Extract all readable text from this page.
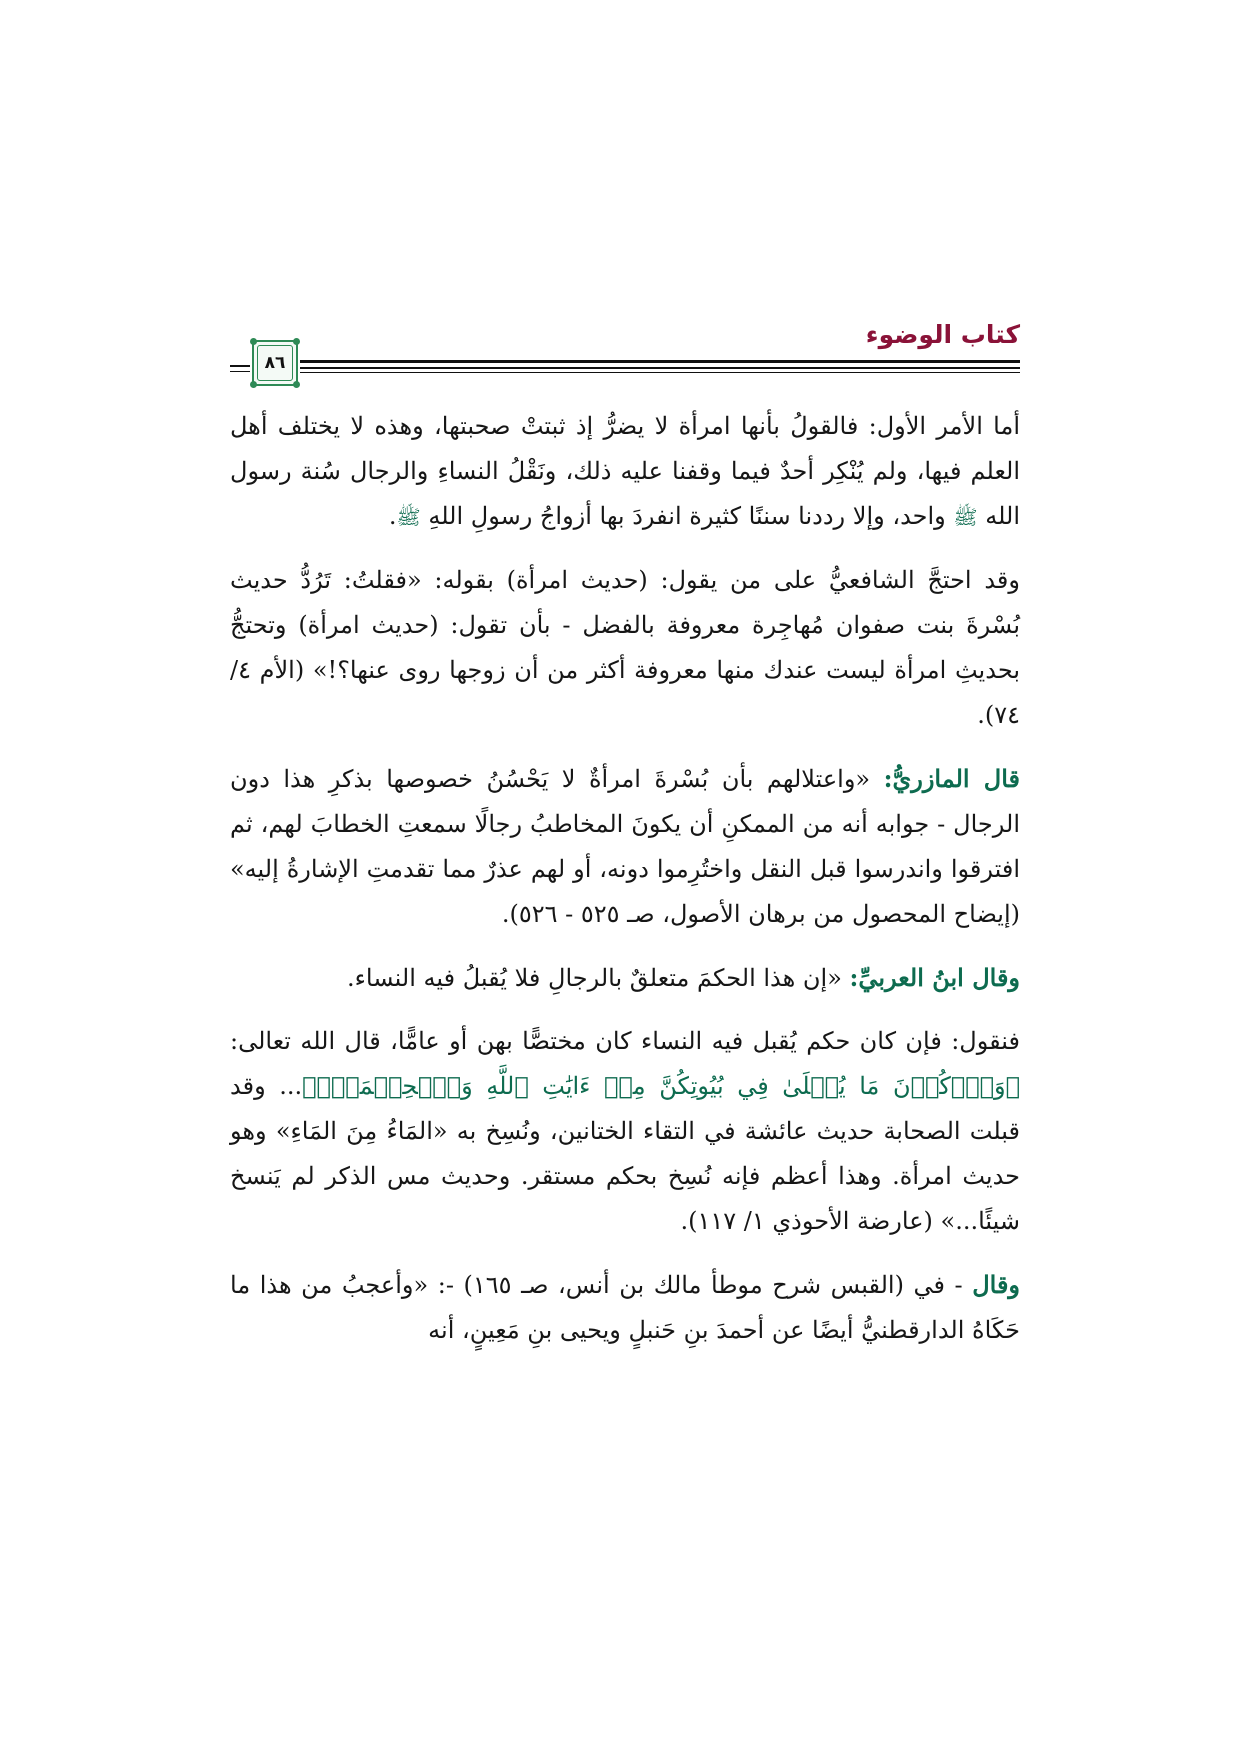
كتاب الوضوء
٨٦

أما الأمر الأول: فالقولُ بأنها امرأة لا يضرُّ إذ ثبتتْ صحبتها، وهذه لا يختلف أهل العلم فيها، ولم يُنْكِر أحدٌ فيما وقفنا عليه ذلك، ونَقْلُ النساءِ والرجال سُنة رسول الله ﷺ واحد، وإلا رددنا سننًا كثيرة انفردَ بها أزواجُ رسولِ اللهِ ﷺ.

وقد احتجَّ الشافعيُّ على من يقول: (حديث امرأة) بقوله: «فقلتُ: تَرُدُّ حديث بُسْرةَ بنت صفوان مُهاجِرة معروفة بالفضل - بأن تقول: (حديث امرأة) وتحتجُّ بحديثِ امرأة ليست عندك منها معروفة أكثر من أن زوجها روى عنها؟!» (الأم ٤/ ٧٤).

قال المازريُّ: «واعتلالهم بأن بُسْرةَ امرأةٌ لا يَحْسُنُ خصوصها بذكرِ هذا دون الرجال - جوابه أنه من الممكنِ أن يكونَ المخاطبُ رجالًا سمعتِ الخطابَ لهم، ثم افترقوا واندرسوا قبل النقل واختُرِموا دونه، أو لهم عذرٌ مما تقدمتِ الإشارةُ إليه» (إيضاح المحصول من برهان الأصول، صـ ٥٢٥ - ٥٢٦).

وقال ابنُ العربيِّ: «إن هذا الحكمَ متعلقٌ بالرجالِ فلا يُقبلُ فيه النساء.

فنقول: فإن كان حكم يُقبل فيه النساء كان مختصًّا بهن أو عامًّا، قال الله تعالى: ﴿وَٱذۡكُرۡنَ مَا يُتۡلَىٰ فِي بُيُوتِكُنَّ مِنۡ ءَايَٰتِ ٱللَّهِ وَٱلۡحِكۡمَةِۚ﴾... وقد قبلت الصحابة حديث عائشة في التقاء الختانين، ونُسِخ به «المَاءُ مِنَ المَاءِ» وهو حديث امرأة. وهذا أعظم فإنه نُسِخ بحكم مستقر. وحديث مس الذكر لم يَنسخ شيئًا...» (عارضة الأحوذي ١/ ١١٧).

وقال - في (القبس شرح موطأ مالك بن أنس، صـ ١٦٥) -: «وأعجبُ من هذا ما حَكَاهُ الدارقطنيُّ أيضًا عن أحمدَ بنِ حَنبلٍ ويحيى بنِ مَعِينٍ، أنه
